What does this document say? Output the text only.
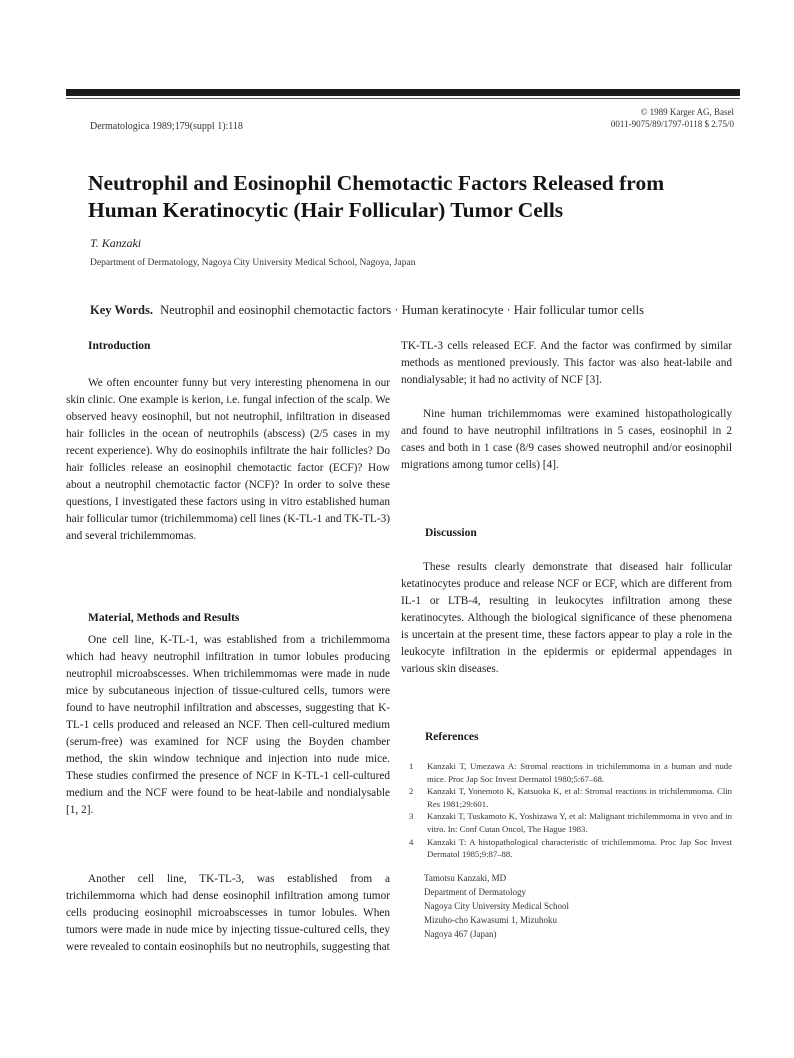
Dermatologica 1989;179(suppl 1):118
© 1989 Karger AG, Basel
0011-9075/89/1797-0118 $ 2.75/0
Neutrophil and Eosinophil Chemotactic Factors Released from Human Keratinocytic (Hair Follicular) Tumor Cells
T. Kanzaki
Department of Dermatology, Nagoya City University Medical School, Nagoya, Japan
Key Words. Neutrophil and eosinophil chemotactic factors · Human keratinocyte · Hair follicular tumor cells
Introduction

We often encounter funny but very interesting phenomena in our skin clinic. One example is kerion, i.e. fungal infection of the scalp. We observed heavy eosinophil, but not neutrophil, infiltration in diseased hair follicles in the ocean of neutrophils (abscess) (2/5 cases in my recent experience). Why do eosinophils infiltrate the hair follicles? Do hair follicles release an eosinophil chemotactic factor (ECF)? How about a neutrophil chemotactic factor (NCF)? In order to solve these questions, I investigated these factors using in vitro established human hair follicular tumor (trichilemmoma) cell lines (K-TL-1 and TK-TL-3) and several trichilemmomas.

Material, Methods and Results

One cell line, K-TL-1, was established from a trichilemmoma which had heavy neutrophil infiltration in tumor lobules producing neutrophil microabscesses. When trichilemmomas were made in nude mice by subcutaneous injection of tissue-cultured cells, tumors were found to have neutrophil infiltration and abscesses, suggesting that K-TL-1 cells produced and released an NCF. Then cell-cultured medium (serum-free) was examined for NCF using the Boyden chamber method, the skin window technique and injection into nude mice. These studies confirmed the presence of NCF in K-TL-1 cell-cultured medium and the NCF were found to be heat-labile and nondialysable [1, 2].

Another cell line, TK-TL-3, was established from a trichilemmoma which had dense eosinophil infiltration among tumor cells producing eosinophil microabscesses in tumor lobules. When tumors were made in nude mice by injecting tissue-cultured cells, they were revealed to contain eosinophils but no neutrophils, suggesting that

TK-TL-3 cells released ECF. And the factor was confirmed by similar methods as mentioned previously. This factor was also heat-labile and nondialysable; it had no activity of NCF [3].

Nine human trichilemmomas were examined histopathologically and found to have neutrophil infiltrations in 5 cases, eosinophil in 2 cases and both in 1 case (8/9 cases showed neutrophil and/or eosinophil migrations among tumor cells) [4].

Discussion

These results clearly demonstrate that diseased hair follicular ketatinocytes produce and release NCF or ECF, which are different from IL-1 or LTB-4, resulting in leukocytes infiltration among these keratinocytes. Although the biological significance of these phenomena is uncertain at the present time, these factors appear to play a role in the leukocyte infiltration in the epidermis or epidermal appendages in various skin diseases.

References
1	Kanzaki T, Umezawa A: Stromal reactions in trichilemmoma in a human and nude mice. Proc Jap Soc Invest Dermatol 1980;5:67–68.
2	Kanzaki T, Yonemoto K, Katsuoka K, et al: Stromal reactions in trichilemmoma. Clin Res 1981;29:601.
3	Kanzaki T, Tuskamoto K, Yoshizawa Y, et al: Malignant trichilemmoma in vivo and in vitro. In: Conf Cutan Oncol, The Hague 1983.
4	Kanzaki T: A histopathological characteristic of trichilemmoma. Proc Jap Soc Invest Dermatol 1985;9:87–88.
Tamotsu Kanzaki, MD
Department of Dermatology
Nagoya City University Medical School
Mizuho-cho Kawasumi 1, Mizuhoku
Nagoya 467 (Japan)
